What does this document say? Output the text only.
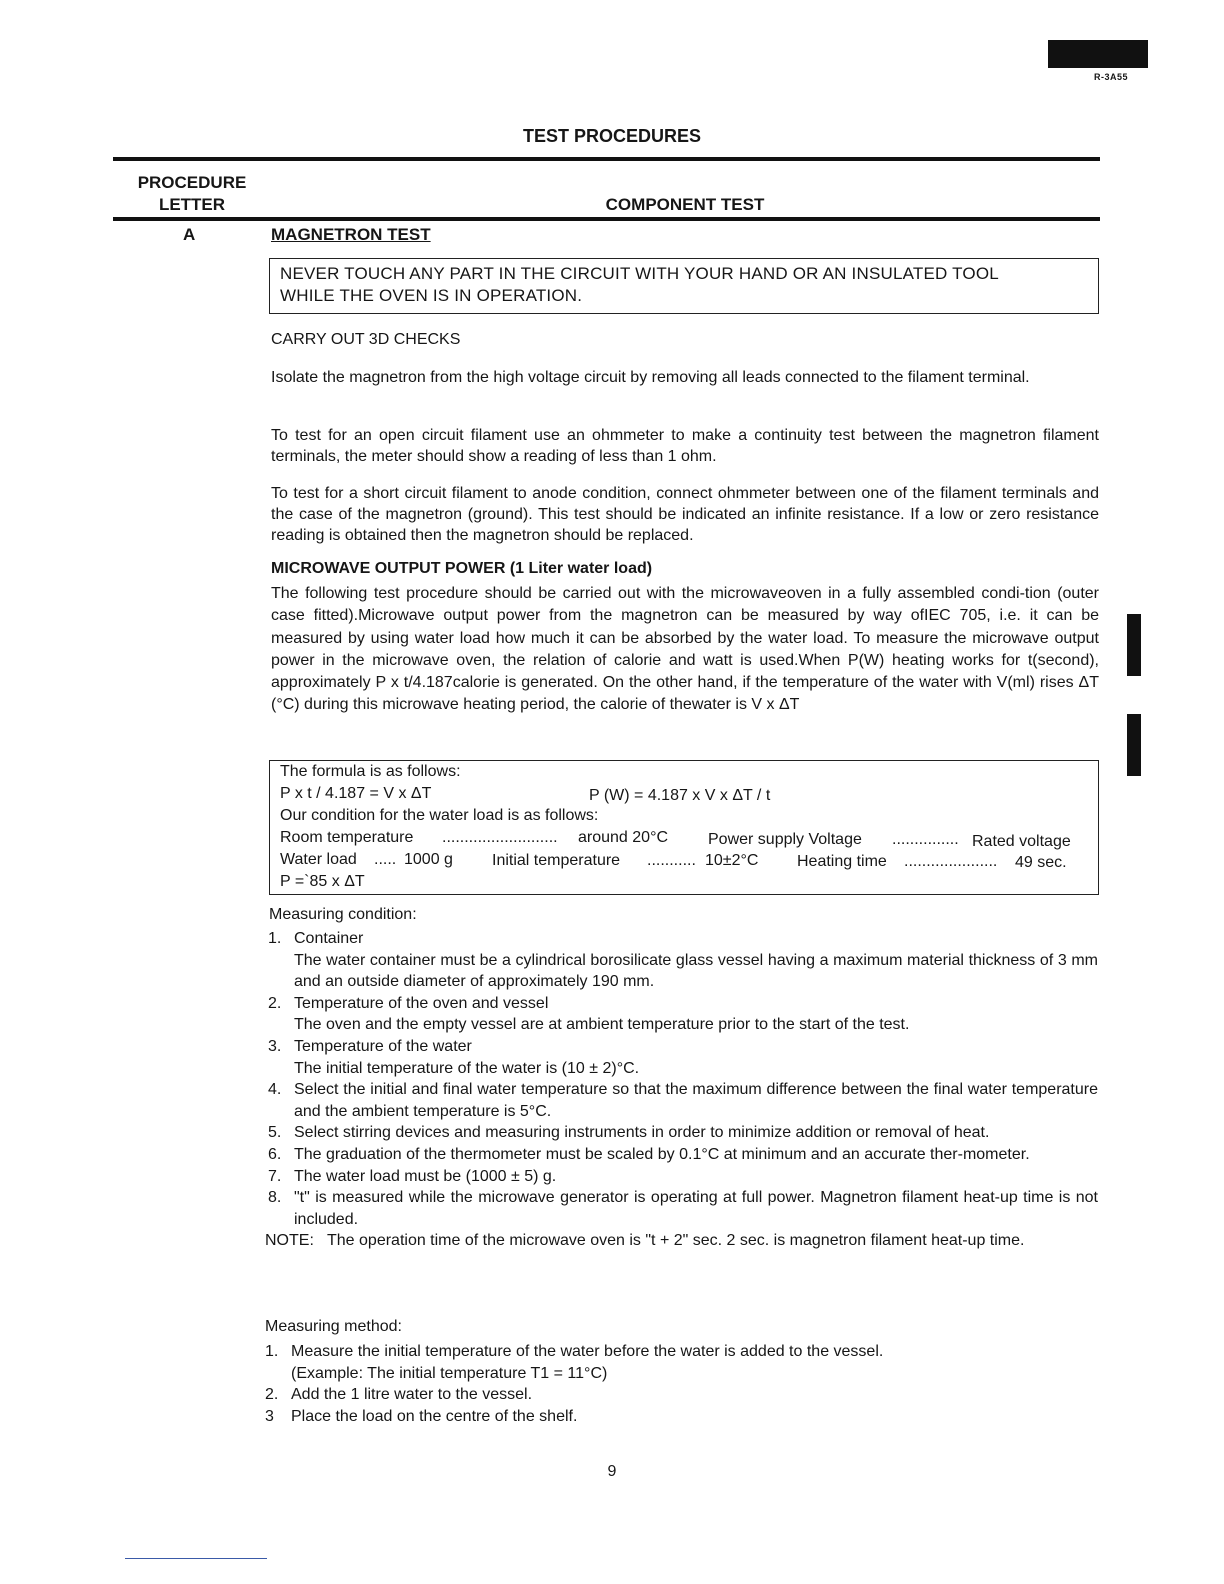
R-3A55
TEST PROCEDURES
PROCEDURE
LETTER	COMPONENT TEST
A	MAGNETRON TEST
NEVER TOUCH ANY PART IN THE CIRCUIT WITH YOUR HAND OR AN INSULATED TOOL
WHILE THE OVEN IS IN OPERATION.
CARRY OUT 3D CHECKS
Isolate the magnetron from the high voltage circuit by removing all leads connected to the filament terminal.
To test for an open circuit filament use an ohmmeter to make a continuity test between the magnetron filament terminals, the meter should show a reading of less than 1 ohm.
To test for a short circuit filament to anode condition, connect ohmmeter between one of the filament terminals and the case of the magnetron (ground). This test should be indicated an infinite resistance. If a low or zero resistance reading is obtained then the magnetron should be replaced.
MICROWAVE OUTPUT POWER (1 Liter water load)
The following test procedure should be carried out with the microwaveoven in a fully assembled condi-tion (outer case fitted).Microwave output power from the magnetron can be measured by way ofIEC 705, i.e. it can be measured by using water load how much it can be absorbed by the water load. To measure the microwave output power in the microwave oven, the relation of calorie and watt is used.When P(W) heating works for t(second), approximately P x t/4.187calorie is generated. On the other hand, if the temperature of the water with V(ml) rises ΔT (°C) during this microwave heating period, the calorie of thewater is V x ΔT
The formula is as follows:
P x t / 4.187 = V x ΔT	P (W) = 4.187 x V x ΔT / t
Our condition for the water load is as follows:
Room temperature .......................... around 20°C Power supply Voltage ............... Rated voltage
Water load ..... 1000 g Initial temperature ........... 10±2°C Heating time ..................... 49 sec.
P =`85 x ΔT
Measuring condition:
1. Container
The water container must be a cylindrical borosilicate glass vessel having a maximum material thickness of 3 mm and an outside diameter of approximately 190 mm.
2. Temperature of the oven and vessel
The oven and the empty vessel are at ambient temperature prior to the start of the test.
3. Temperature of the water
The initial temperature of the water is (10 ± 2)°C.
4. Select the initial and final water temperature so that the maximum difference between the final water temperature and the ambient temperature is 5°C.
5. Select stirring devices and measuring instruments in order to minimize addition or removal of heat.
6. The graduation of the thermometer must be scaled by 0.1°C at minimum and an accurate ther-mometer.
7. The water load must be (1000 ± 5) g.
8. "t" is measured while the microwave generator is operating at full power. Magnetron filament heat-up time is not included.
NOTE: The operation time of the microwave oven is "t + 2" sec. 2 sec. is magnetron filament heat-up time.
Measuring method:
1. Measure the initial temperature of the water before the water is added to the vessel.
(Example: The initial temperature T1 = 11°C)
2. Add the 1 litre water to the vessel.
3	Place the load on the centre of the shelf.
9
